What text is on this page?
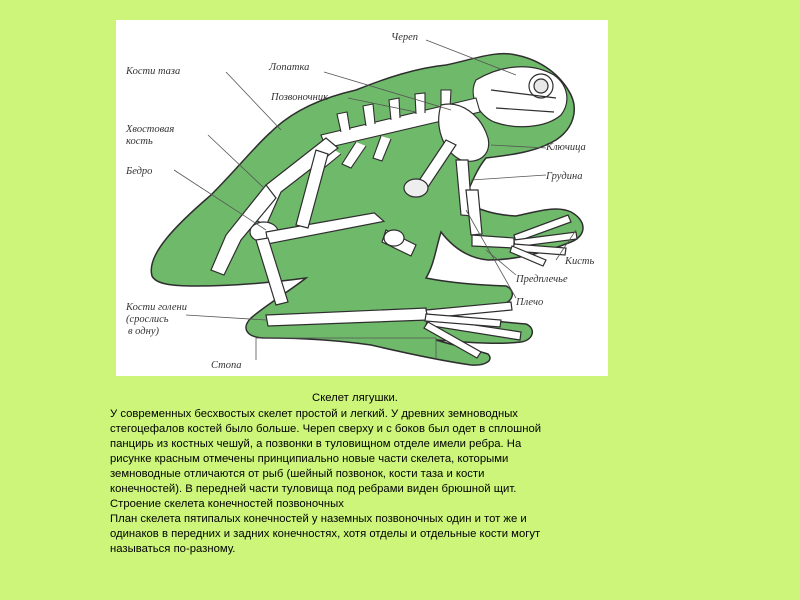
Череп
Кости таза	Лопатка
Позвоночник
Хвостовая
кость
Ключица
Бедро	Грудина
Кисть
Предплечье
Кости голени	Плечо
(срослись
в одну)
Стопа
Скелет лягушки.
У современных бесхвостых скелет простой и легкий. У древних земноводных
стегоцефалов костей было больше. Череп сверху и с боков был одет в сплошной
панцирь из костных чешуй, а позвонки в туловищном отделе имели ребра. На
рисунке красным отмечены принципиально новые части скелета, которыми
земноводные отличаются от рыб (шейный позвонок, кости таза и кости
конечностей). В передней части туловища под ребрами виден брюшной щит.
Строение скелета конечностей позвоночных
План скелета пятипалых конечностей у наземных позвоночных один и тот же и
одинаков в передних и задних конечностях, хотя отделы и отдельные кости могут
называться по-разному.
